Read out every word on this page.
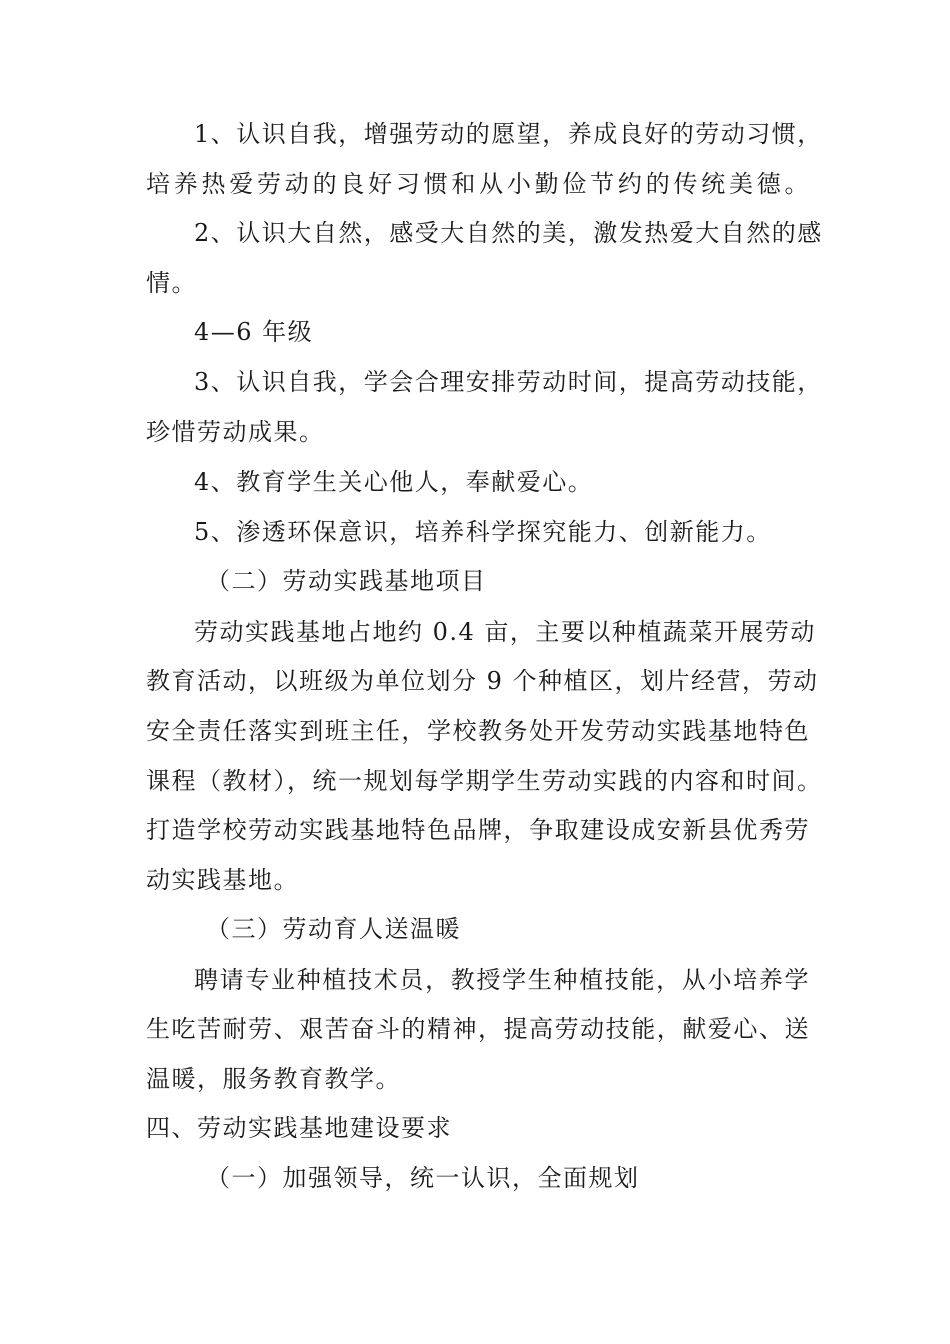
1、认识自我，增强劳动的愿望，养成良好的劳动习惯，
培养热爱劳动的良好习惯和从小勤俭节约的传统美德。
2、认识大自然，感受大自然的美，激发热爱大自然的感
情。
4—6 年级
3、认识自我，学会合理安排劳动时间，提高劳动技能，
珍惜劳动成果。
4、教育学生关心他人，奉献爱心。
5、渗透环保意识，培养科学探究能力、创新能力。
（二）劳动实践基地项目
劳动实践基地占地约 0.4 亩，主要以种植蔬菜开展劳动
教育活动，以班级为单位划分 9 个种植区，划片经营，劳动
安全责任落实到班主任，学校教务处开发劳动实践基地特色
课程（教材），统一规划每学期学生劳动实践的内容和时间。
打造学校劳动实践基地特色品牌，争取建设成安新县优秀劳
动实践基地。
（三）劳动育人送温暖
聘请专业种植技术员，教授学生种植技能，从小培养学
生吃苦耐劳、艰苦奋斗的精神，提高劳动技能，献爱心、送
温暖，服务教育教学。
四、劳动实践基地建设要求
（一）加强领导，统一认识，全面规划
